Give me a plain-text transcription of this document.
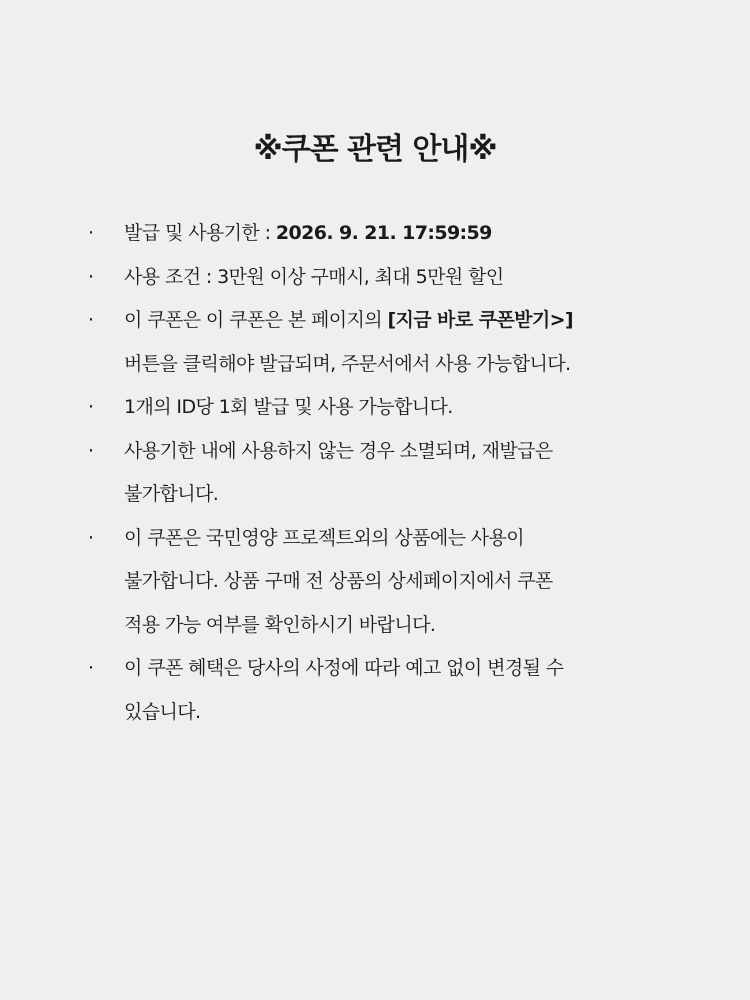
※쿠폰 관련 안내※
·	발급 및 사용기한 : 2026. 9. 21. 17:59:59
·	사용 조건 : 3만원 이상 구매시, 최대 5만원 할인
·	이 쿠폰은 이 쿠폰은 본 페이지의 [지금 바로 쿠폰받기>]
버튼을 클릭해야 발급되며, 주문서에서 사용 가능합니다.
·	1개의 ID당 1회 발급 및 사용 가능합니다.
·	사용기한 내에 사용하지 않는 경우 소멸되며, 재발급은
불가합니다.
·	이 쿠폰은 국민영양 프로젝트외의 상품에는 사용이
불가합니다. 상품 구매 전 상품의 상세페이지에서 쿠폰
적용 가능 여부를 확인하시기 바랍니다.
·	이 쿠폰 혜택은 당사의 사정에 따라 예고 없이 변경될 수
있습니다.
